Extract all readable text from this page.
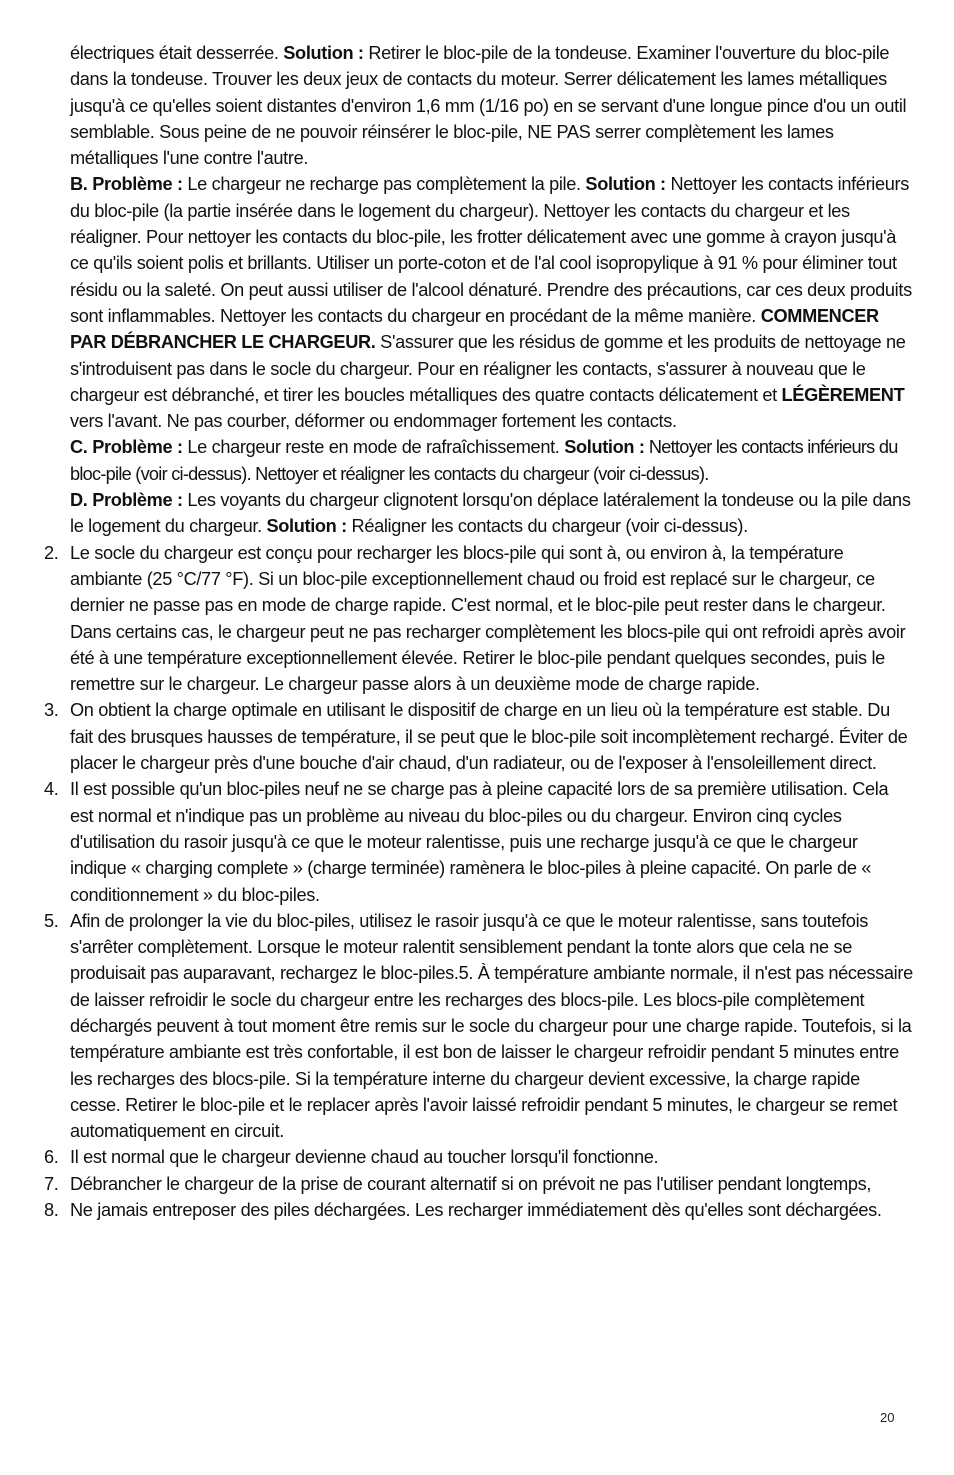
électriques était desserrée. Solution : Retirer le bloc-pile de la tondeuse. Examiner l'ouverture du bloc-pile dans la tondeuse. Trouver les deux jeux de contacts du moteur. Serrer délicatement les lames métalliques jusqu'à ce qu'elles soient distantes d'environ 1,6 mm (1/16 po) en se servant d'une longue pince d'ou un outil semblable. Sous peine de ne pouvoir réinsérer le bloc-pile, NE PAS serrer complètement les lames métalliques l'une contre l'autre.

B. Problème : Le chargeur ne recharge pas complètement la pile. Solution : Nettoyer les contacts inférieurs du bloc-pile (la partie insérée dans le logement du chargeur). Nettoyer les contacts du chargeur et les réaligner. Pour nettoyer les contacts du bloc-pile, les frotter délicatement avec une gomme à crayon jusqu'à ce qu'ils soient polis et brillants. Utiliser un porte-coton et de l'al cool isopropylique à 91 % pour éliminer tout résidu ou la saleté. On peut aussi utiliser de l'alcool dénaturé. Prendre des précautions, car ces deux produits sont inflammables. Nettoyer les contacts du chargeur en procédant de la même manière. COMMENCER PAR DÉBRANCHER LE CHARGEUR. S'assurer que les résidus de gomme et les produits de nettoyage ne s'introduisent pas dans le socle du chargeur. Pour en réaligner les contacts, s'assurer à nouveau que le chargeur est débranché, et tirer les boucles métalliques des quatre contacts délicatement et LÉGÈREMENT vers l'avant. Ne pas courber, déformer ou endommager fortement les contacts.

C. Problème : Le chargeur reste en mode de rafraîchissement. Solution : Nettoyer les contacts inférieurs du bloc-pile (voir ci-dessus). Nettoyer et réaligner les contacts du chargeur (voir ci-dessus).

D. Problème : Les voyants du chargeur clignotent lorsqu'on déplace latéralement la tondeuse ou la pile dans le logement du chargeur. Solution : Réaligner les contacts du chargeur (voir ci-dessus).

2. Le socle du chargeur est conçu pour recharger les blocs-pile qui sont à, ou environ à, la température ambiante (25 °C/77 °F). Si un bloc-pile exceptionnellement chaud ou froid est replacé sur le chargeur, ce dernier ne passe pas en mode de charge rapide. C'est normal, et le bloc-pile peut rester dans le chargeur. Dans certains cas, le chargeur peut ne pas recharger complètement les blocs-pile qui ont refroidi après avoir été à une température exceptionnellement élevée. Retirer le bloc-pile pendant quelques secondes, puis le remettre sur le chargeur. Le chargeur passe alors à un deuxième mode de charge rapide.
3. On obtient la charge optimale en utilisant le dispositif de charge en un lieu où la température est stable. Du fait des brusques hausses de température, il se peut que le bloc-pile soit incomplètement rechargé. Éviter de placer le chargeur près d'une bouche d'air chaud, d'un radiateur, ou de l'exposer à l'ensoleillement direct.
4. Il est possible qu'un bloc-piles neuf ne se charge pas à pleine capacité lors de sa première utilisation. Cela est normal et n'indique pas un problème au niveau du bloc-piles ou du chargeur. Environ cinq cycles d'utilisation du rasoir jusqu'à ce que le moteur ralentisse, puis une recharge jusqu'à ce que le chargeur indique « charging complete » (charge terminée) ramènera le bloc-piles à pleine capacité. On parle de « conditionnement » du bloc-piles.
5. Afin de prolonger la vie du bloc-piles, utilisez le rasoir jusqu'à ce que le moteur ralentisse, sans toutefois s'arrêter complètement. Lorsque le moteur ralentit sensiblement pendant la tonte alors que cela ne se produisait pas auparavant, rechargez le bloc-piles.5. À température ambiante normale, il n'est pas nécessaire de laisser refroidir le socle du chargeur entre les recharges des blocs-pile. Les blocs-pile complètement déchargés peuvent à tout moment être remis sur le socle du chargeur pour une charge rapide. Toutefois, si la température ambiante est très confortable, il est bon de laisser le chargeur refroidir pendant 5 minutes entre les recharges des blocs-pile. Si la température interne du chargeur devient excessive, la charge rapide cesse. Retirer le bloc-pile et le replacer après l'avoir laissé refroidir pendant 5 minutes, le chargeur se remet automatiquement en circuit.
6. Il est normal que le chargeur devienne chaud au toucher lorsqu'il fonctionne.
7. Débrancher le chargeur de la prise de courant alternatif si on prévoit ne pas l'utiliser pendant longtemps,
8. Ne jamais entreposer des piles déchargées. Les recharger immédiatement dès qu'elles sont déchargées.
20
